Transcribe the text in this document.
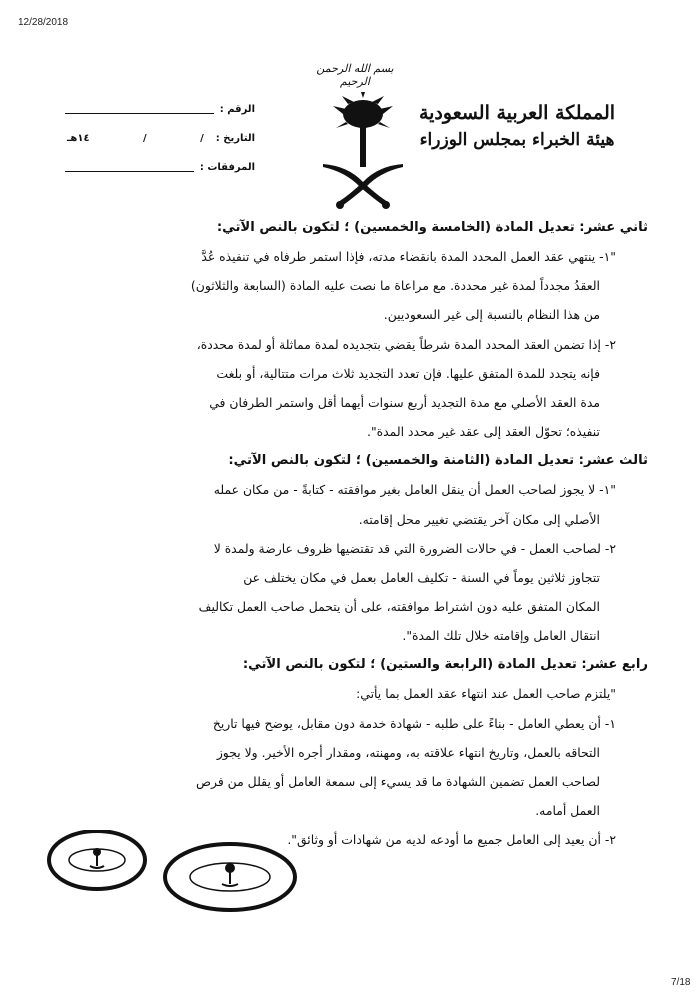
12/28/2018
بسم الله الرحمن الرحيم
المملكة العربية السعودية
هيئة الخبراء بمجلس الوزراء
الرقم :
التاريخ :
/
/
١٤هـ
المرفقات :
ثاني عشر: تعديل المادة (الخامسة والخمسين) ؛ لتكون بالنص الآتي:
"١- ينتهي عقد العمل المحدد المدة بانقضاء مدته، فإذا استمر طرفاه في تنفيذه عُدَّ
العقدُ مجدداً لمدة غير محددة. مع مراعاة ما نصت عليه المادة (السابعة والثلاثون)
من هذا النظام بالنسبة إلى غير السعوديين.
٢- إذا تضمن العقد المحدد المدة شرطاً يقضي بتجديده لمدة مماثلة أو لمدة محددة،
فإنه يتجدد للمدة المتفق عليها. فإن تعدد التجديد ثلاث مرات متتالية، أو بلغت
مدة العقد الأصلي مع مدة التجديد أربع سنوات أيهما أقل واستمر الطرفان في
تنفيذه؛ تحوّل العقد إلى عقد غير محدد المدة".
ثالث عشر: تعديل المادة (الثامنة والخمسين) ؛ لتكون بالنص الآتي:
"١- لا يجوز لصاحب العمل أن ينقل العامل بغير موافقته - كتابةً - من مكان عمله
الأصلي إلى مكان آخر يقتضي تغيير محل إقامته.
٢- لصاحب العمل - في حالات الضرورة التي قد تقتضيها ظروف عارضة ولمدة لا
تتجاوز ثلاثين يوماً في السنة - تكليف العامل بعمل في مكان يختلف عن
المكان المتفق عليه دون اشتراط موافقته، على أن يتحمل صاحب العمل تكاليف
انتقال العامل وإقامته خلال تلك المدة".
رابع عشر: تعديل المادة (الرابعة والستين) ؛ لتكون بالنص الآتي:
"يلتزم صاحب العمل عند انتهاء عقد العمل بما يأتي:
١- أن يعطي العامل - بناءً على طلبه - شهادة خدمة دون مقابل، يوضح فيها تاريخ
التحاقه بالعمل، وتاريخ انتهاء علاقته به، ومهنته، ومقدار أجره الأخير. ولا يجوز
لصاحب العمل تضمين الشهادة ما قد يسيء إلى سمعة العامل أو يقلل من فرص
العمل أمامه.
٢- أن يعيد إلى العامل جميع ما أودعه لديه من شهادات أو وثائق".
7/18
